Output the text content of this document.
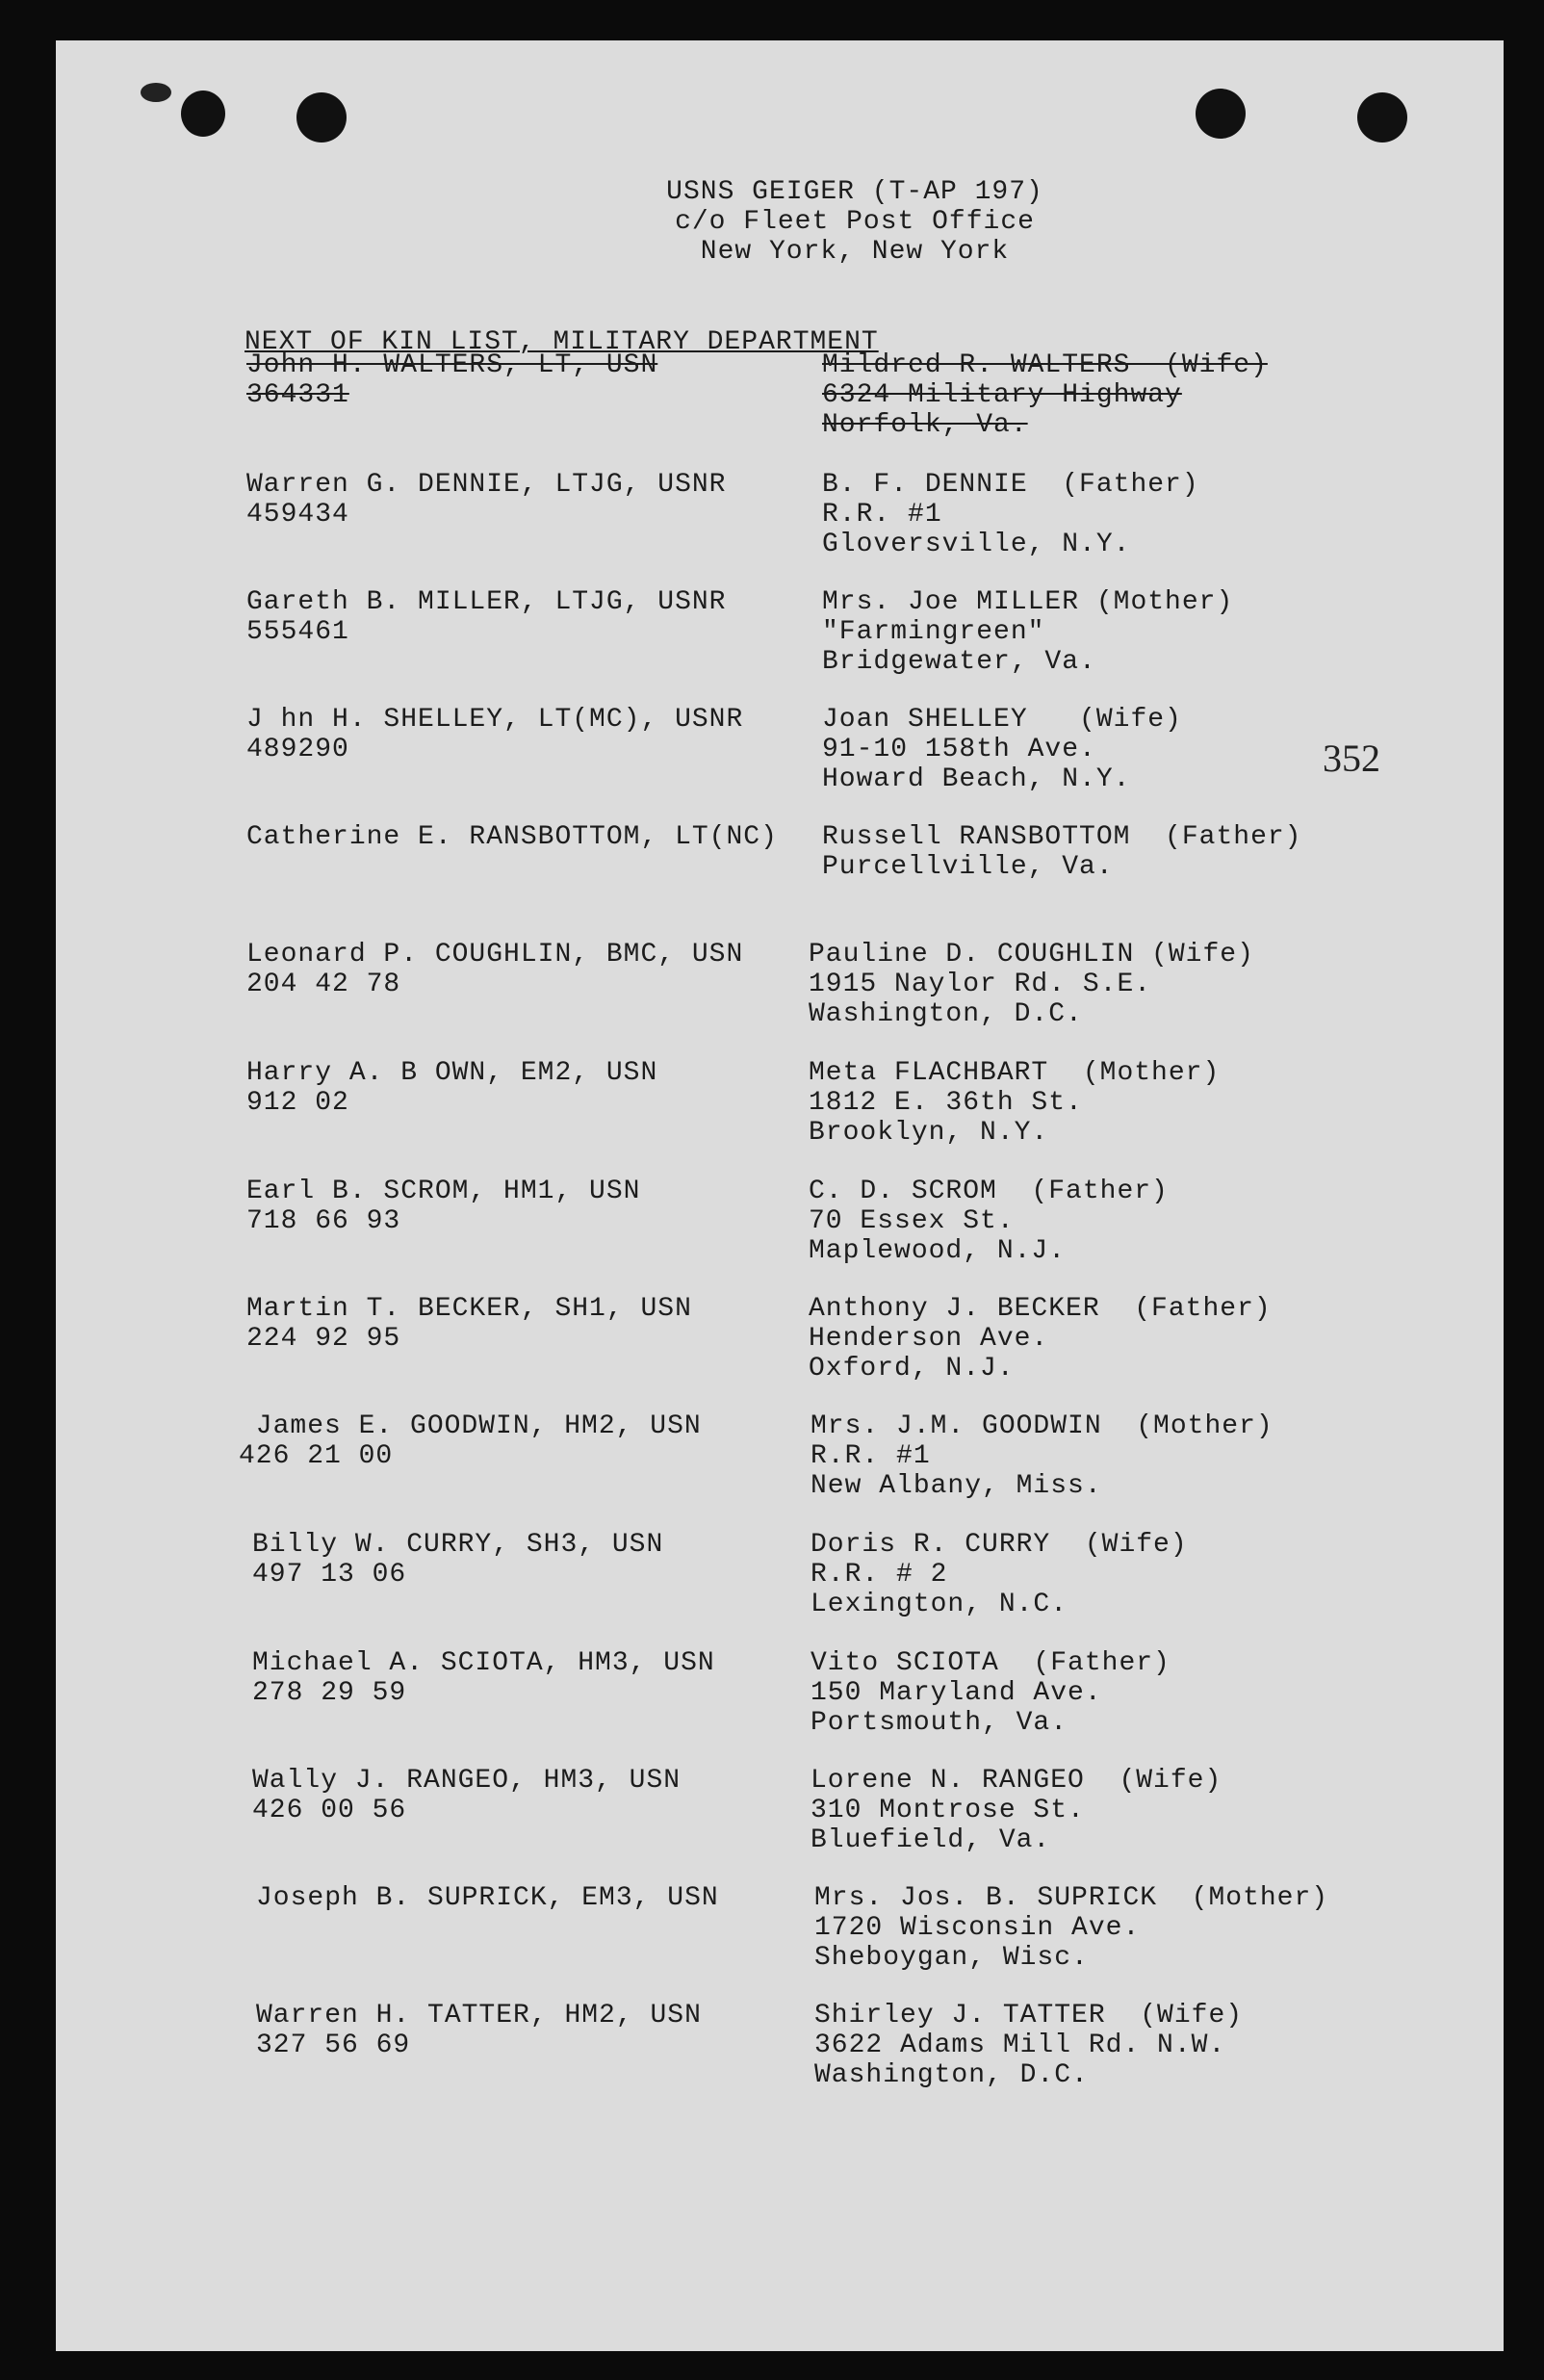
USNS GEIGER (T-AP 197)
c/o Fleet Post Office
New York, New York
NEXT OF KIN LIST, MILITARY DEPARTMENT
352
John H. WALTERS, LT, USN
364331
Mildred R. WALTERS  (Wife)
6324 Military Highway
Norfolk, Va.
Warren G. DENNIE, LTJG, USNR
459434
B. F. DENNIE  (Father)
R.R. #1
Gloversville, N.Y.
Gareth B. MILLER, LTJG, USNR
555461
Mrs. Joe MILLER (Mother)
"Farmingreen"
Bridgewater, Va.
J hn H. SHELLEY, LT(MC), USNR
489290
Joan SHELLEY   (Wife)
91-10 158th Ave.
Howard Beach, N.Y.
Catherine E. RANSBOTTOM, LT(NC) Russell RANSBOTTOM  (Father)
Purcellville, Va.
Leonard P. COUGHLIN, BMC, USN
204 42 78
Pauline D. COUGHLIN (Wife)
1915 Naylor Rd. S.E.
Washington, D.C.
Harry A. B OWN, EM2, USN
912 02
Meta FLACHBART  (Mother)
1812 E. 36th St.
Brooklyn, N.Y.
Earl B. SCROM, HM1, USN
718 66 93
C. D. SCROM  (Father)
70 Essex St.
Maplewood, N.J.
Martin T. BECKER, SH1, USN
224 92 95
Anthony J. BECKER  (Father)
Henderson Ave.
Oxford, N.J.
James E. GOODWIN, HM2, USN
426 21 00
Mrs. J.M. GOODWIN  (Mother)
R.R. #1
New Albany, Miss.
Billy W. CURRY, SH3, USN
497 13 06
Doris R. CURRY  (Wife)
R.R. # 2
Lexington, N.C.
Michael A. SCIOTA, HM3, USN
278 29 59
Vito SCIOTA  (Father)
150 Maryland Ave.
Portsmouth, Va.
Wally J. RANGEO, HM3, USN
426 00 56
Lorene N. RANGEO  (Wife)
310 Montrose St.
Bluefield, Va.
Joseph B. SUPRICK, EM3, USN	Mrs. Jos. B. SUPRICK  (Mother)
1720 Wisconsin Ave.
Sheboygan, Wisc.
Warren H. TATTER, HM2, USN
327 56 69
Shirley J. TATTER  (Wife)
3622 Adams Mill Rd. N.W.
Washington, D.C.
